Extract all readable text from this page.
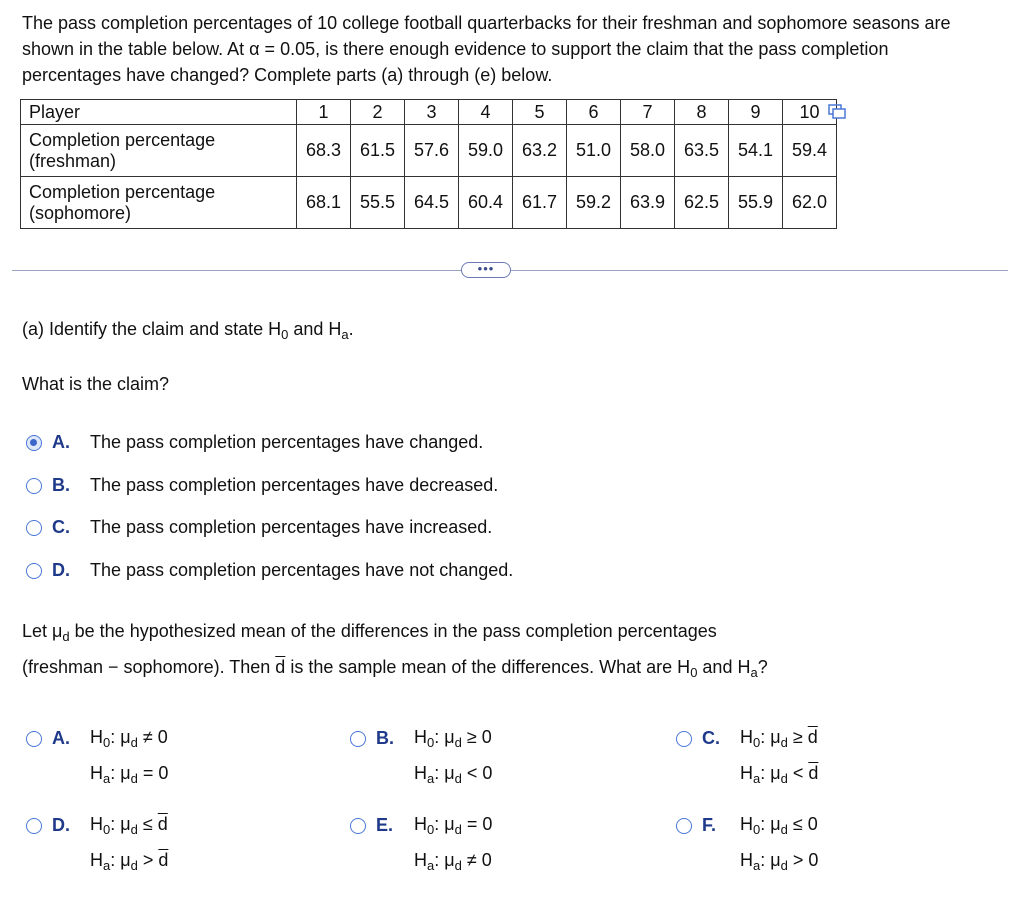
The pass completion percentages of 10 college football quarterbacks for their freshman and sophomore seasons are shown in the table below. At α = 0.05, is there enough evidence to support the claim that the pass completion percentages have changed? Complete parts (a) through (e) below.
Player	1	2	3	4	5	6	7	8	9	10
Completion percentage
(freshman)	68.3	61.5	57.6	59.0	63.2	51.0	58.0	63.5	54.1	59.4
Completion percentage
(sophomore)	68.1	55.5	64.5	60.4	61.7	59.2	63.9	62.5	55.9	62.0
•••
(a) Identify the claim and state $H_0$ and $H_a$.
What is the claim?
A. The pass completion percentages have changed.
B. The pass completion percentages have decreased.
C. The pass completion percentages have increased.
D. The pass completion percentages have not changed.
Let $\mu_d$ be the hypothesized mean of the differences in the pass completion percentages
(freshman − sophomore). Then $\overline{d}$ is the sample mean of the differences. What are $H_0$ and $H_a$?
A. $H_0$: $\mu_d \ne 0$
$H_a$: $\mu_d = 0$
B. $H_0$: $\mu_d \ge 0$
$H_a$: $\mu_d < 0$
C. $H_0$: $\mu_d \ge \overline{d}$
$H_a$: $\mu_d < \overline{d}$
D. $H_0$: $\mu_d \le \overline{d}$
$H_a$: $\mu_d > \overline{d}$
E. $H_0$: $\mu_d = 0$
$H_a$: $\mu_d \ne 0$
F. $H_0$: $\mu_d \le 0$
$H_a$: $\mu_d > 0$
